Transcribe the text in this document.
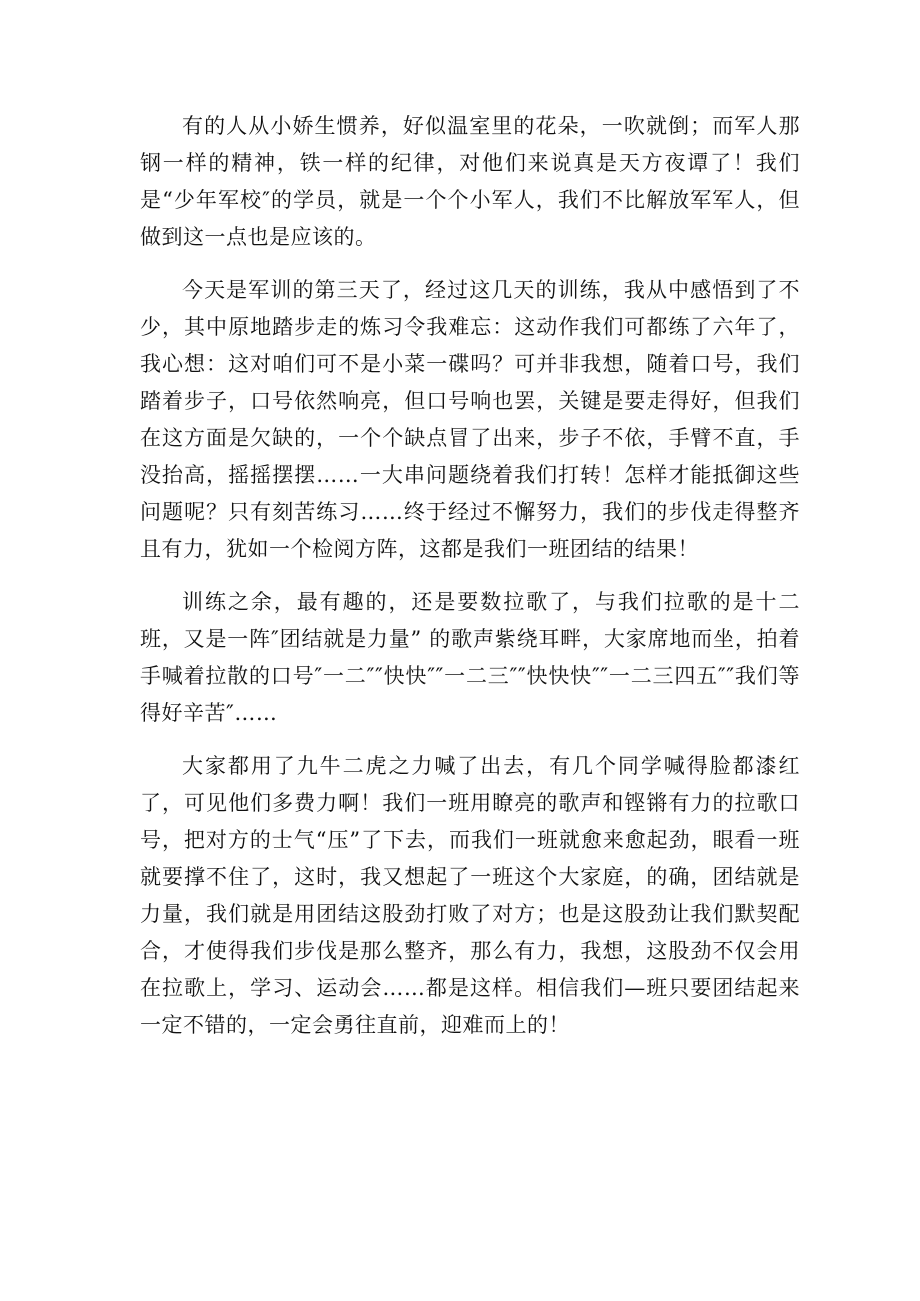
有的人从小娇生惯养，好似温室里的花朵，一吹就倒；而军人那钢一样的精神，铁一样的纪律，对他们来说真是天方夜谭了！我们是“少年军校″的学员，就是一个个小军人，我们不比解放军军人，但做到这一点也是应该的。

今天是军训的第三天了，经过这几天的训练，我从中感悟到了不少，其中原地踏步走的炼习令我难忘：这动作我们可都练了六年了，我心想：这对咱们可不是小菜一碟吗？可并非我想，随着口号，我们踏着步子，口号依然响亮，但口号响也罢，关键是要走得好，但我们在这方面是欠缺的，一个个缺点冒了出来，步子不依，手臂不直，手没抬高，摇摇摆摆……一大串问题绕着我们打转！怎样才能抵御这些问题呢？只有刻苦练习……终于经过不懈努力，我们的步伐走得整齐且有力，犹如一个检阅方阵，这都是我们一班团结的结果！

训练之余，最有趣的，还是要数拉歌了，与我们拉歌的是十二班，又是一阵″团结就是力量” 的歌声紫绕耳畔，大家席地而坐，拍着手喊着拉散的口号″一二″″快快″″一二三″″快快快″″一二三四五″″我们等得好辛苦″……

大家都用了九牛二虎之力喊了出去，有几个同学喊得脸都漆红了，可见他们多费力啊！我们一班用瞭亮的歌声和铿锵有力的拉歌口号，把对方的士气“压”了下去，而我们一班就愈来愈起劲，眼看一班就要撑不住了，这时，我又想起了一班这个大家庭，的确，团结就是力量，我们就是用团结这股劲打败了对方；也是这股劲让我们默契配合，才使得我们步伐是那么整齐，那么有力，我想，这股劲不仅会用在拉歌上，学习、运动会……都是这样。相信我们—班只要团结起来一定不错的，一定会勇往直前，迎难而上的！
